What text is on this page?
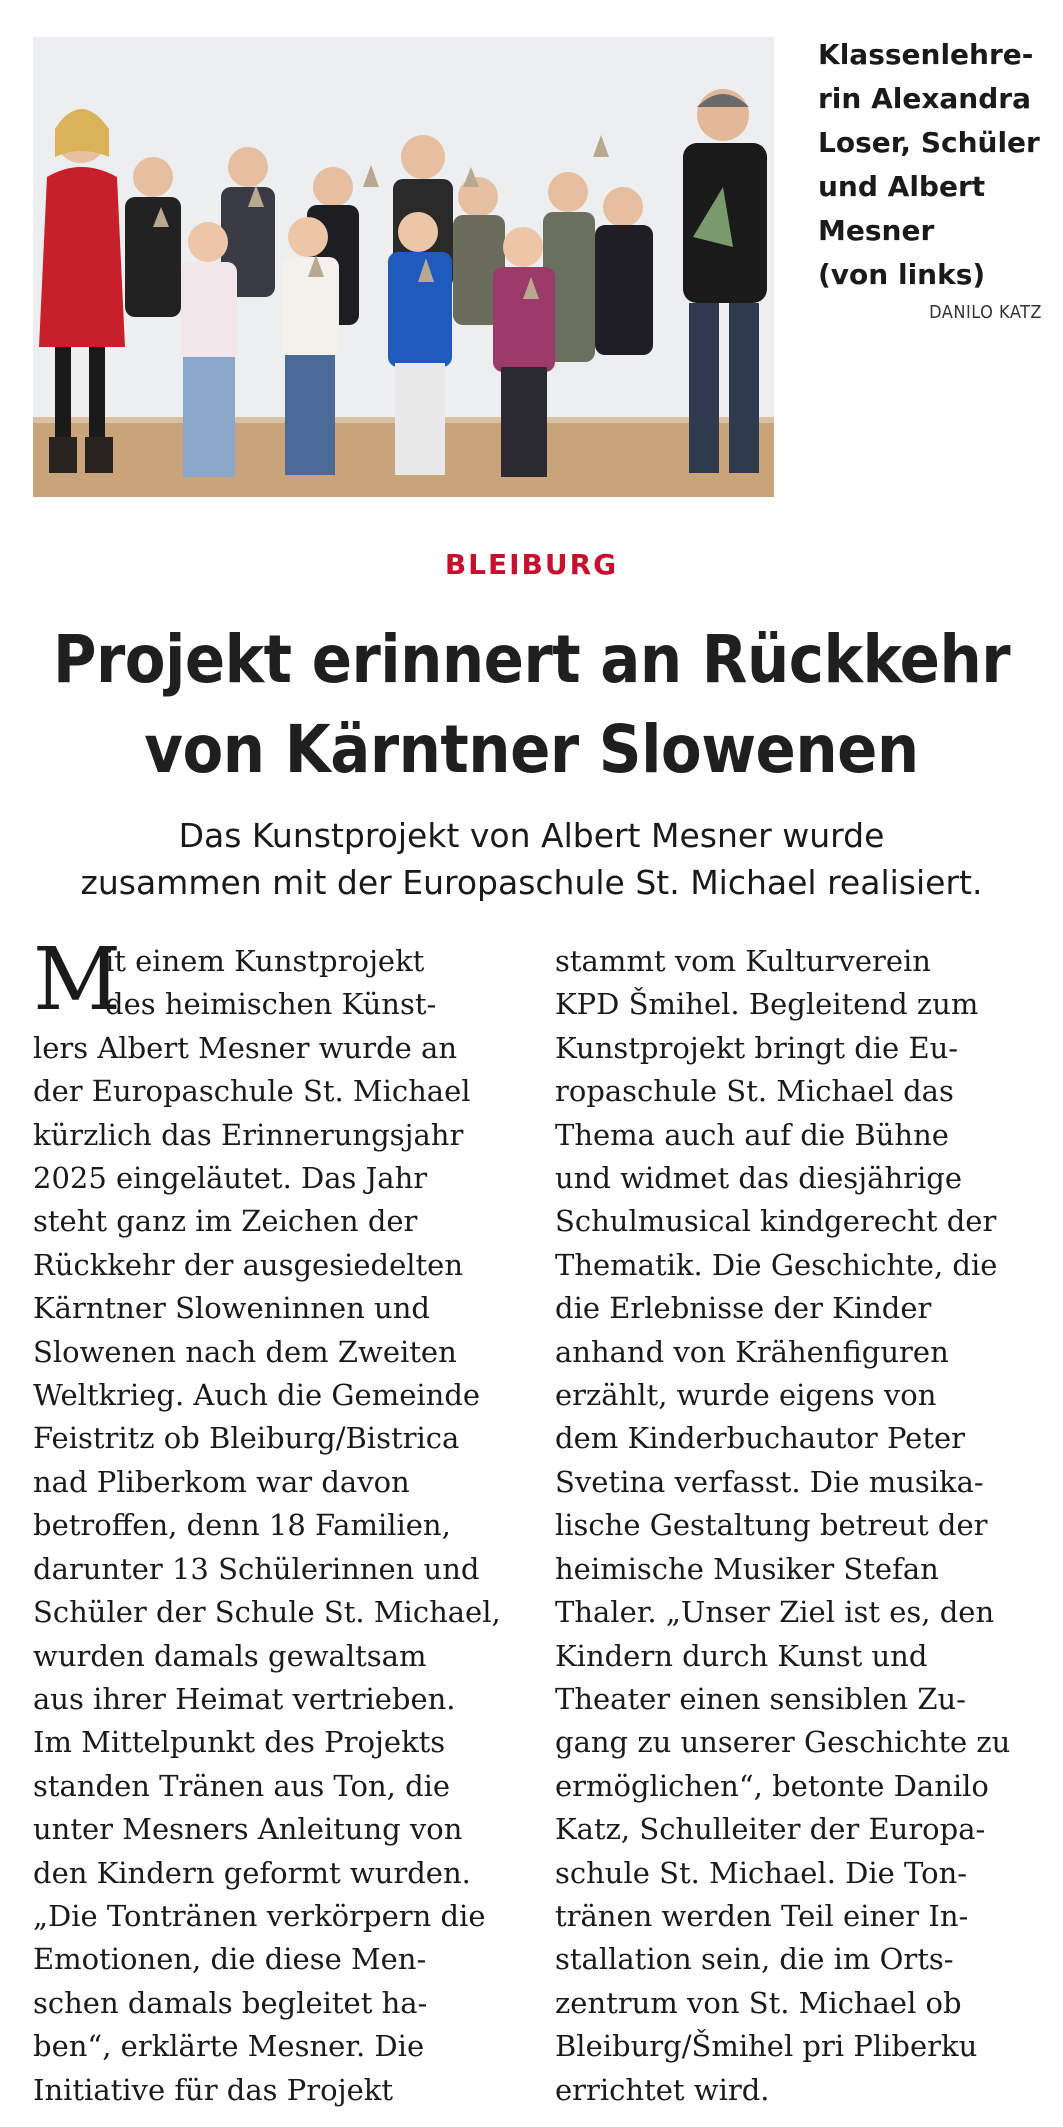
Klassenlehre-
rin Alexandra
Loser, Schüler
und Albert
Mesner
(von links)
DANILO KATZ
BLEIBURG
Projekt erinnert an Rückkehr
von Kärntner Slowenen
Das Kunstprojekt von Albert Mesner wurde
zusammen mit der Europaschule St. Michael realisiert.
M
it einem Kunstprojekt
des heimischen Künst-
lers Albert Mesner wurde an
der Europaschule St. Michael
kürzlich das Erinnerungsjahr
2025 eingeläutet. Das Jahr
steht ganz im Zeichen der
Rückkehr der ausgesiedelten
Kärntner Sloweninnen und
Slowenen nach dem Zweiten
Weltkrieg. Auch die Gemeinde
Feistritz ob Bleiburg/Bistrica
nad Pliberkom war davon
betroffen, denn 18 Familien,
darunter 13 Schülerinnen und
Schüler der Schule St. Michael,
wurden damals gewaltsam
aus ihrer Heimat vertrieben.
Im Mittelpunkt des Projekts
standen Tränen aus Ton, die
unter Mesners Anleitung von
den Kindern geformt wurden.
„Die Tontränen verkörpern die
Emotionen, die diese Men-
schen damals begleitet ha-
ben“, erklärte Mesner. Die
Initiative für das Projekt
stammt vom Kulturverein
KPD Šmihel. Begleitend zum
Kunstprojekt bringt die Eu-
ropaschule St. Michael das
Thema auch auf die Bühne
und widmet das diesjährige
Schulmusical kindgerecht der
Thematik. Die Geschichte, die
die Erlebnisse der Kinder
anhand von Krähenfiguren
erzählt, wurde eigens von
dem Kinderbuchautor Peter
Svetina verfasst. Die musika-
lische Gestaltung betreut der
heimische Musiker Stefan
Thaler. „Unser Ziel ist es, den
Kindern durch Kunst und
Theater einen sensiblen Zu-
gang zu unserer Geschichte zu
ermöglichen“, betonte Danilo
Katz, Schulleiter der Europa-
schule St. Michael. Die Ton-
tränen werden Teil einer In-
stallation sein, die im Orts-
zentrum von St. Michael ob
Bleiburg/Šmihel pri Pliberku
errichtet wird.
